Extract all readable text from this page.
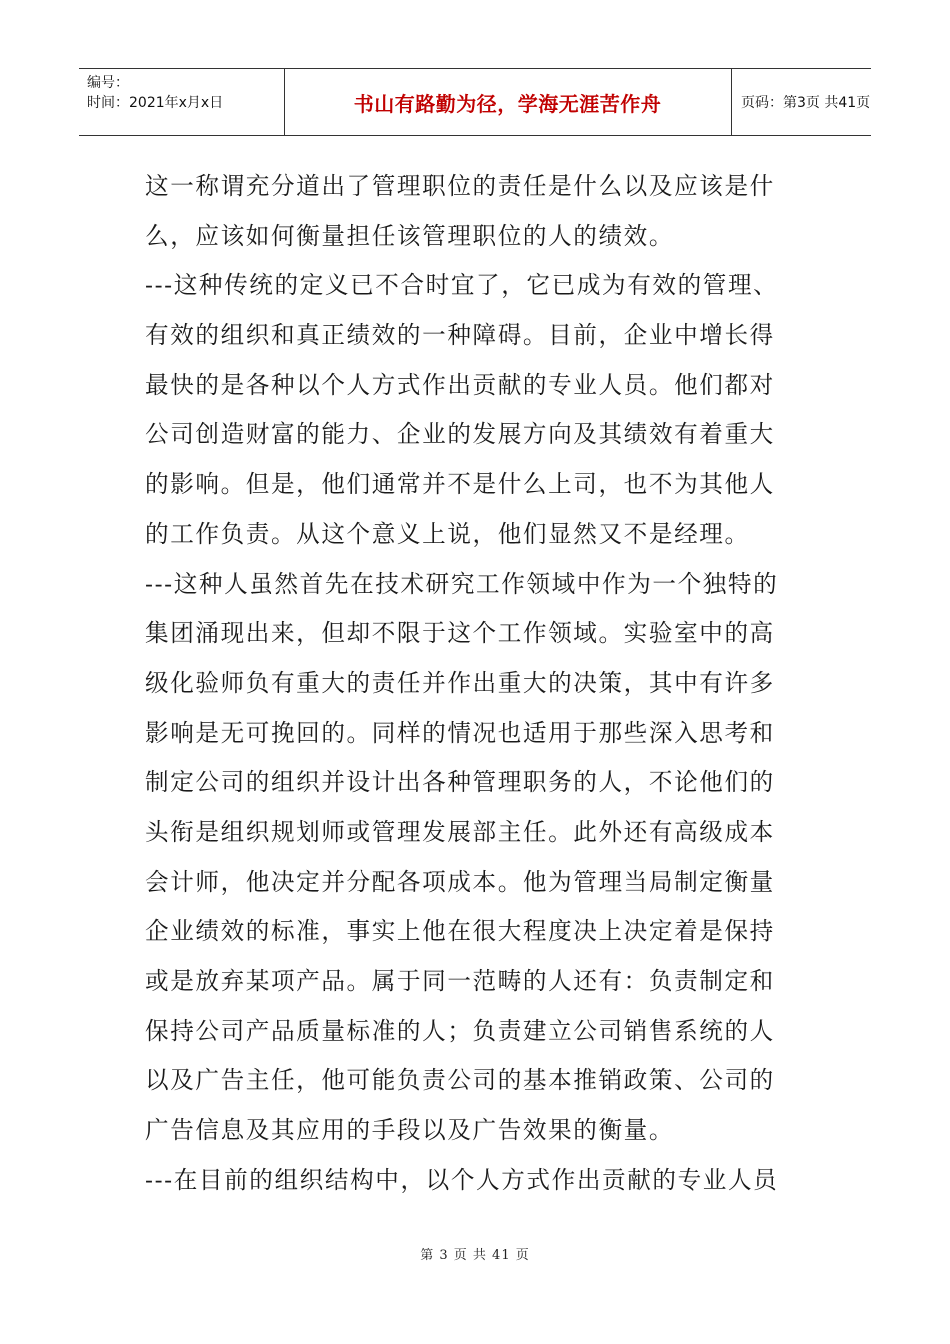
编号：
时间：2021年x月x日	书山有路勤为径，学海无涯苦作舟	页码：第3页 共41页
这一称谓充分道出了管理职位的责任是什么以及应该是什
么，应该如何衡量担任该管理职位的人的绩效。
---这种传统的定义已不合时宜了，它已成为有效的管理、
有效的组织和真正绩效的一种障碍。目前，企业中增长得
最快的是各种以个人方式作出贡献的专业人员。他们都对
公司创造财富的能力、企业的发展方向及其绩效有着重大
的影响。但是，他们通常并不是什么上司，也不为其他人
的工作负责。从这个意义上说，他们显然又不是经理。
---这种人虽然首先在技术研究工作领域中作为一个独特的
集团涌现出来，但却不限于这个工作领域。实验室中的高
级化验师负有重大的责任并作出重大的决策，其中有许多
影响是无可挽回的。同样的情况也适用于那些深入思考和
制定公司的组织并设计出各种管理职务的人，不论他们的
头衔是组织规划师或管理发展部主任。此外还有高级成本
会计师，他决定并分配各项成本。他为管理当局制定衡量
企业绩效的标准，事实上他在很大程度决上决定着是保持
或是放弃某项产品。属于同一范畴的人还有：负责制定和
保持公司产品质量标准的人；负责建立公司销售系统的人
以及广告主任，他可能负责公司的基本推销政策、公司的
广告信息及其应用的手段以及广告效果的衡量。
---在目前的组织结构中，以个人方式作出贡献的专业人员
第 3 页 共 41 页
